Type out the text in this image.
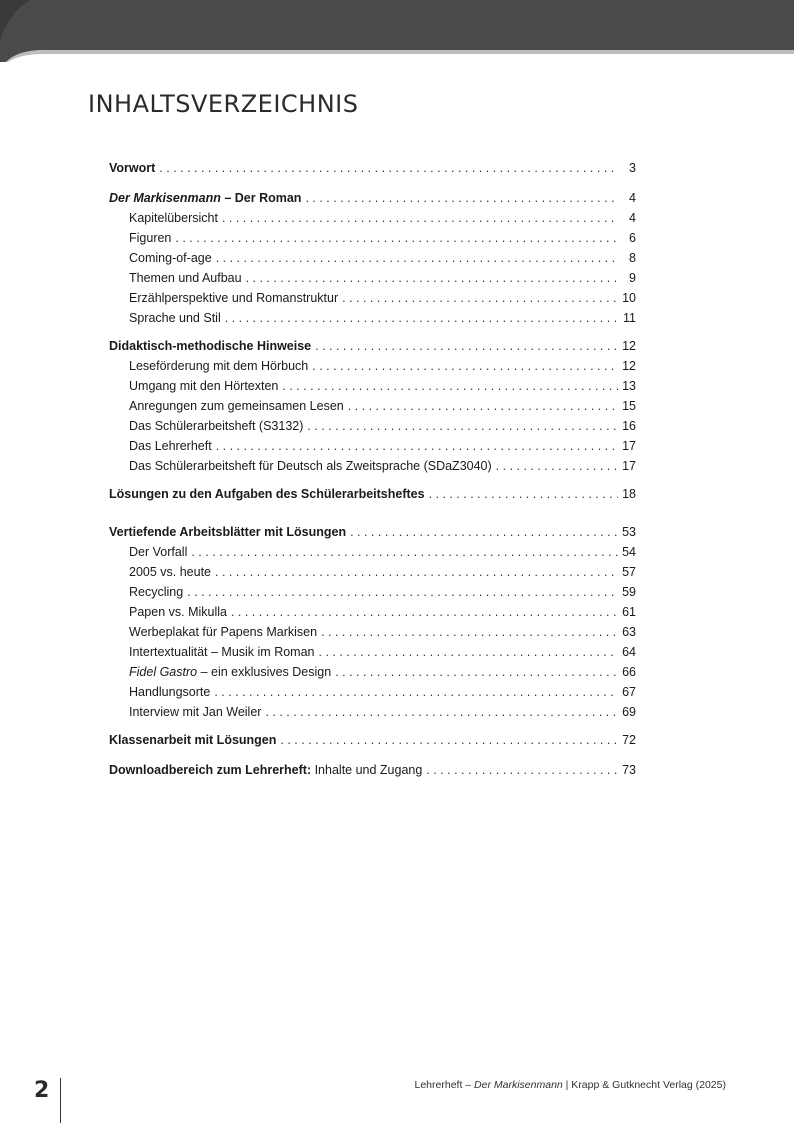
INHALTSVERZEICHNIS
Vorwort . . .	3
Der Markisenmann – Der Roman . . .	4
Kapitelübersicht . . .	4
Figuren . . .	6
Coming-of-age . . .	8
Themen und Aufbau . . .	9
Erzählperspektive und Romanstruktur . . .	10
Sprache und Stil . . .	11
Didaktisch-methodische Hinweise . . .	12
Leseförderung mit dem Hörbuch . . .	12
Umgang mit den Hörtexten . . .	13
Anregungen zum gemeinsamen Lesen . . .	15
Das Schülerarbeitsheft (S3132) . . .	16
Das Lehrerheft . . .	17
Das Schülerarbeitsheft für Deutsch als Zweitsprache (SDaZ3040) . . .	17
Lösungen zu den Aufgaben des Schülerarbeitsheftes . . .	18
Vertiefende Arbeitsblätter mit Lösungen . . .	53
Der Vorfall . . .	54
2005 vs. heute . . .	57
Recycling . . .	59
Papen vs. Mikulla . . .	61
Werbeplakat für Papens Markisen . . .	63
Intertextualität – Musik im Roman . . .	64
Fidel Gastro – ein exklusives Design . . .	66
Handlungsorte . . .	67
Interview mit Jan Weiler . . .	69
Klassenarbeit mit Lösungen . . .	72
Downloadbereich zum Lehrerheft: Inhalte und Zugang . . .	73
2	Lehrerheft – Der Markisenmann | Krapp & Gutknecht Verlag (2025)
